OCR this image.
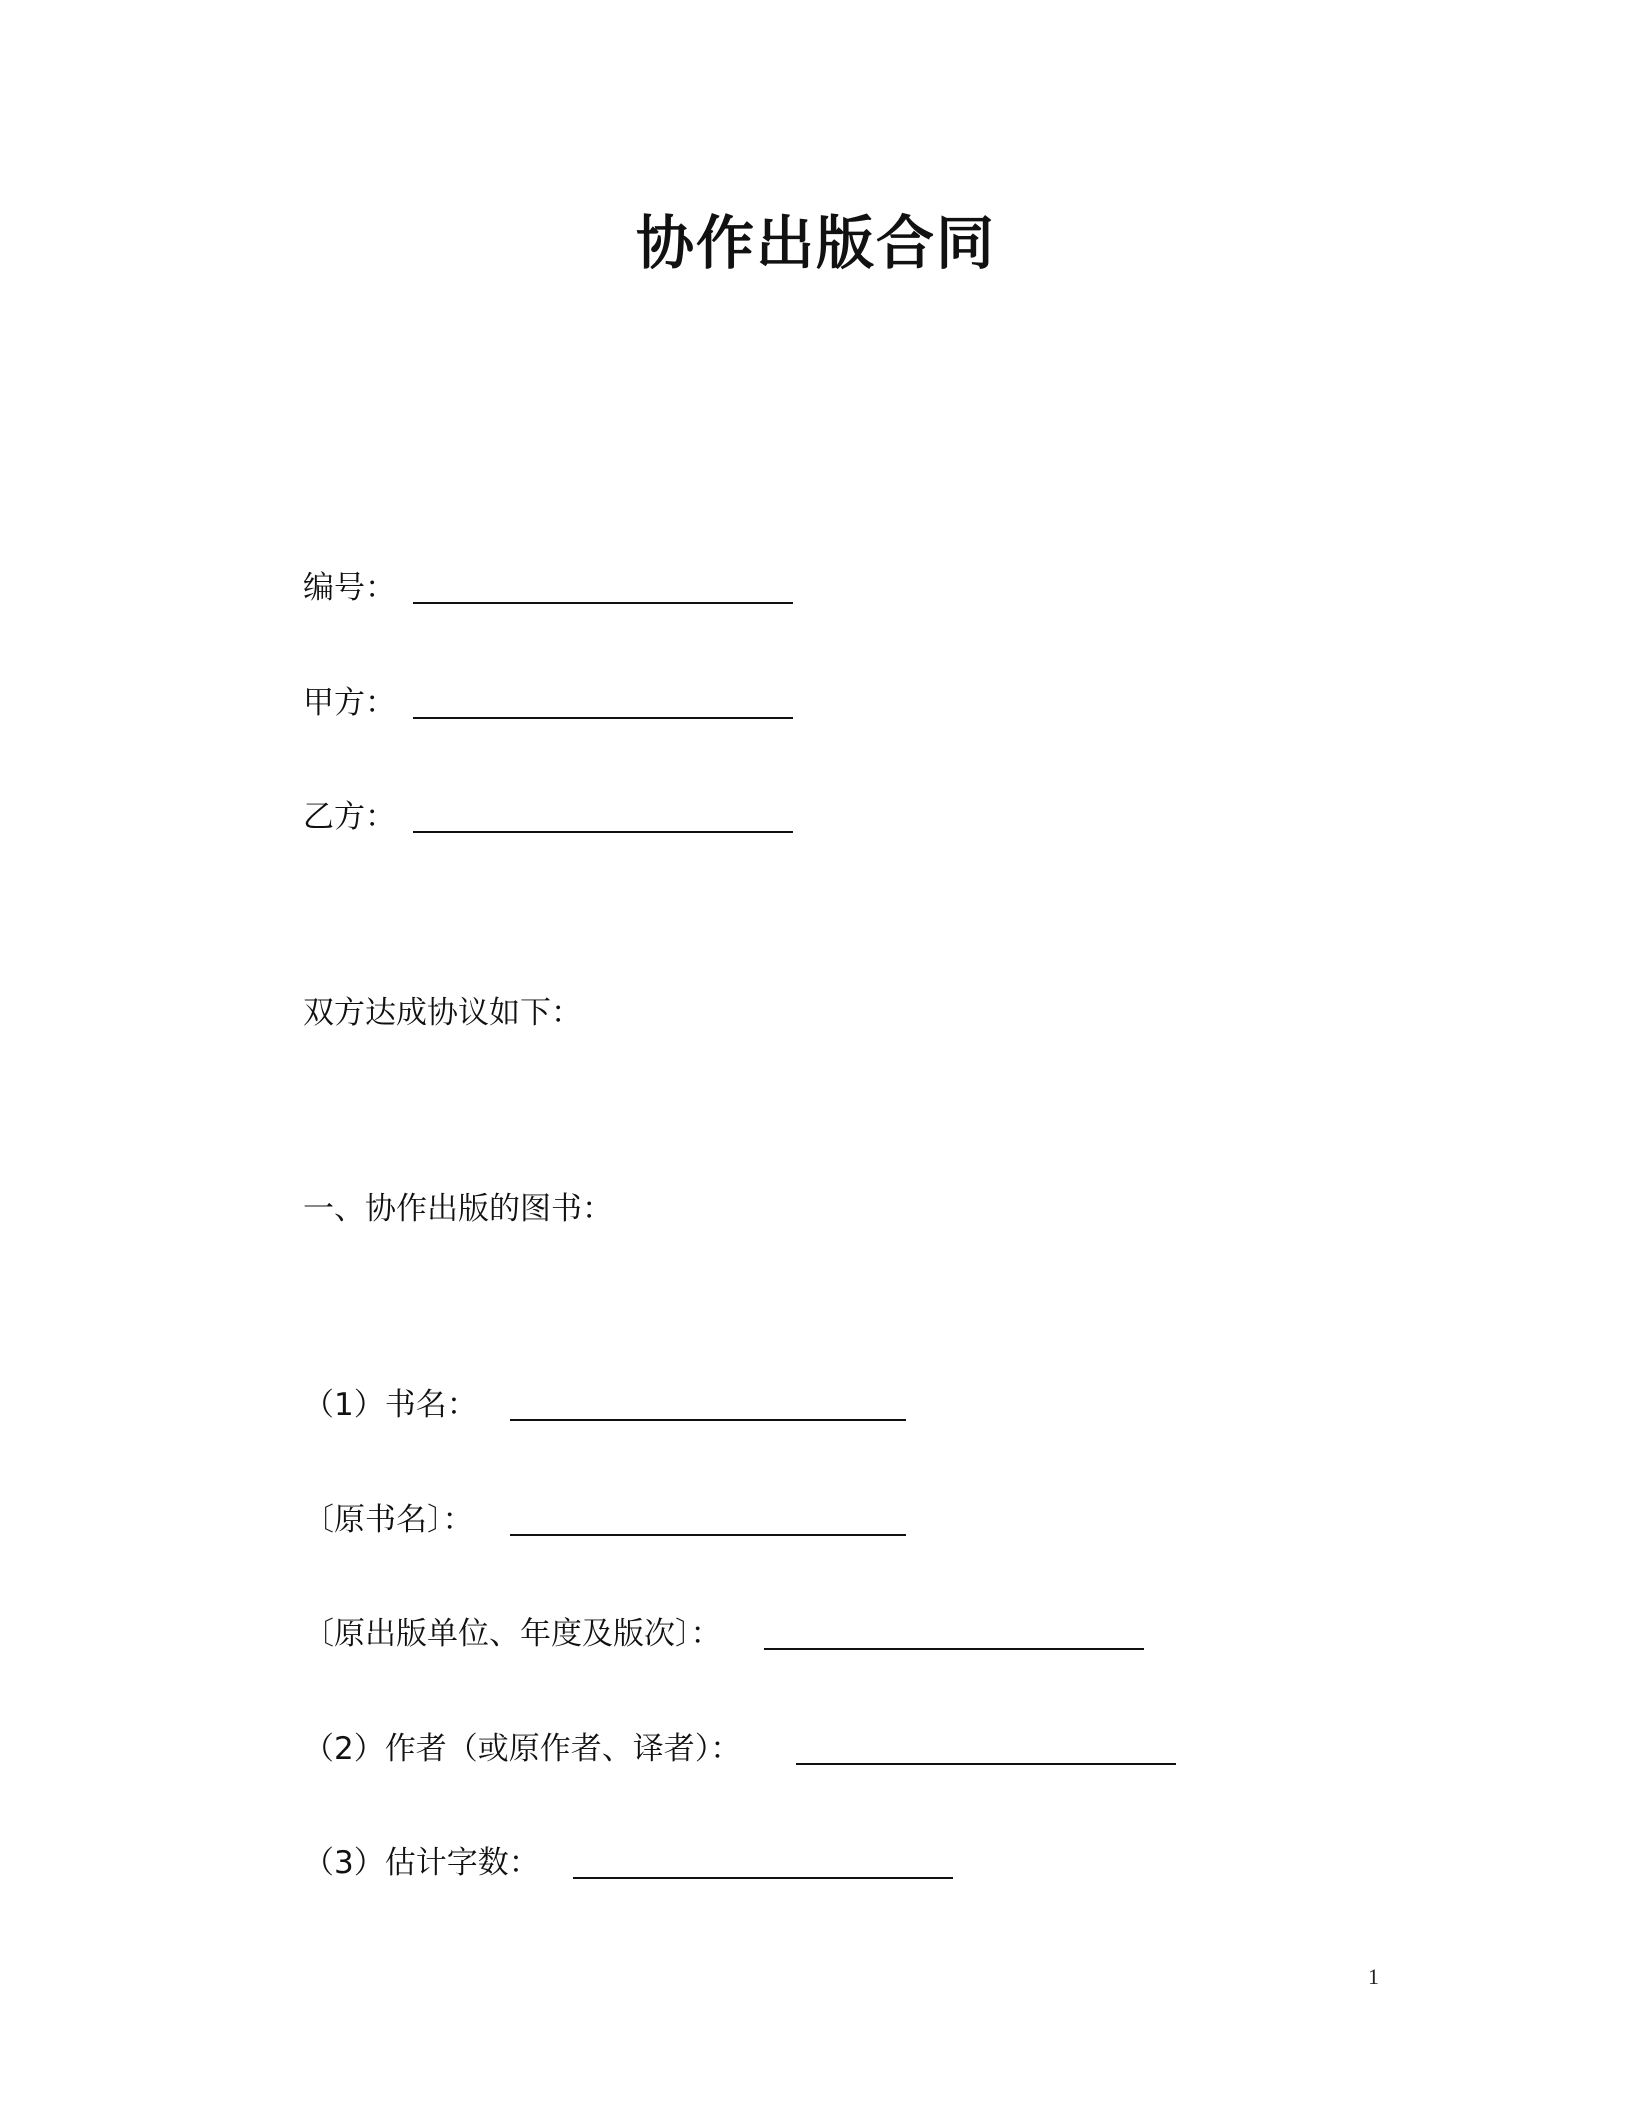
协作出版合同
编号：
甲方：
乙方：
双方达成协议如下：
一、协作出版的图书：
（1）书名：
〔原书名〕：
〔原出版单位、年度及版次〕：
（2）作者（或原作者、译者）：
（3）估计字数：
1
